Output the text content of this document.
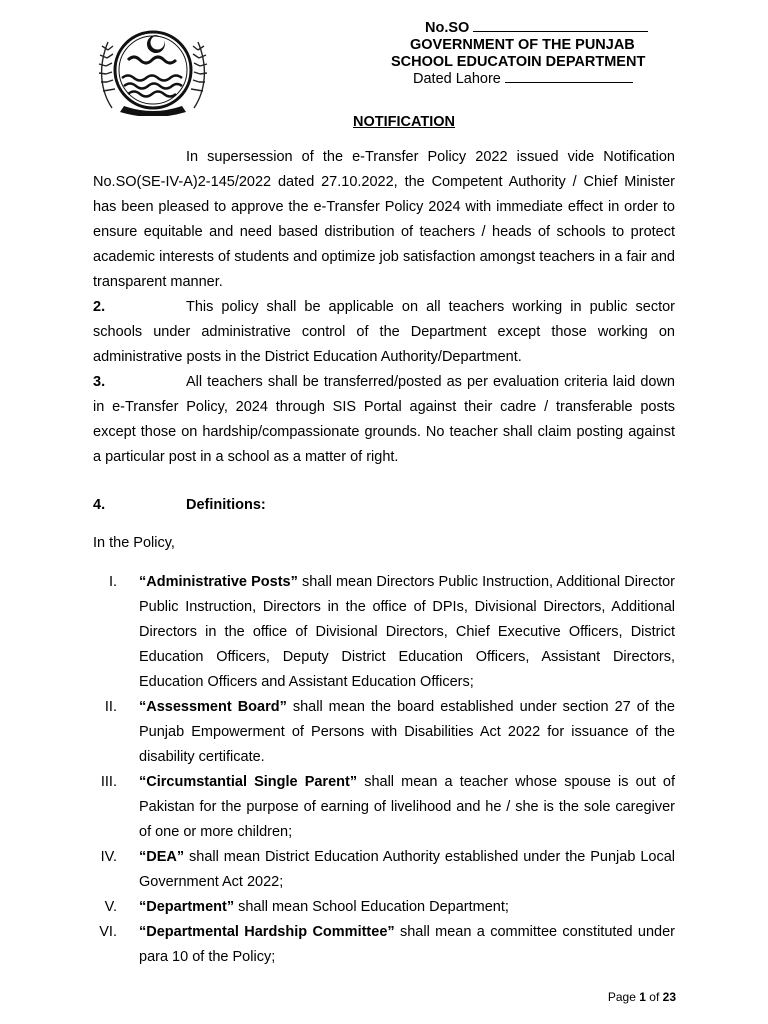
No.SO
GOVERNMENT OF THE PUNJAB
SCHOOL EDUCATOIN DEPARTMENT
Dated Lahore
NOTIFICATION

In supersession of the e-Transfer Policy 2022 issued vide Notification No.SO(SE-IV-A)2-145/2022 dated 27.10.2022, the Competent Authority / Chief Minister has been pleased to approve the e-Transfer Policy 2024 with immediate effect in order to ensure equitable and need based distribution of teachers / heads of schools to protect academic interests of students and optimize job satisfaction amongst teachers in a fair and transparent manner.

2.	This policy shall be applicable on all teachers working in public sector schools under administrative control of the Department except those working on administrative posts in the District Education Authority/Department.

3.	All teachers shall be transferred/posted as per evaluation criteria laid down in e-Transfer Policy, 2024 through SIS Portal against their cadre / transferable posts except those on hardship/compassionate grounds. No teacher shall claim posting against a particular post in a school as a matter of right.

4.	Definitions:

In the Policy,

I. “Administrative Posts” shall mean Directors Public Instruction, Additional Director Public Instruction, Directors in the office of DPIs, Divisional Directors, Additional Directors in the office of Divisional Directors, Chief Executive Officers, District Education Officers, Deputy District Education Officers, Assistant Directors, Education Officers and Assistant Education Officers;
II. “Assessment Board” shall mean the board established under section 27 of the Punjab Empowerment of Persons with Disabilities Act 2022 for issuance of the disability certificate.
III. “Circumstantial Single Parent” shall mean a teacher whose spouse is out of Pakistan for the purpose of earning of livelihood and he / she is the sole caregiver of one or more children;
IV. “DEA” shall mean District Education Authority established under the Punjab Local Government Act 2022;
V. “Department” shall mean School Education Department;
VI. “Departmental Hardship Committee” shall mean a committee constituted under para 10 of the Policy;
Page 1 of 23
